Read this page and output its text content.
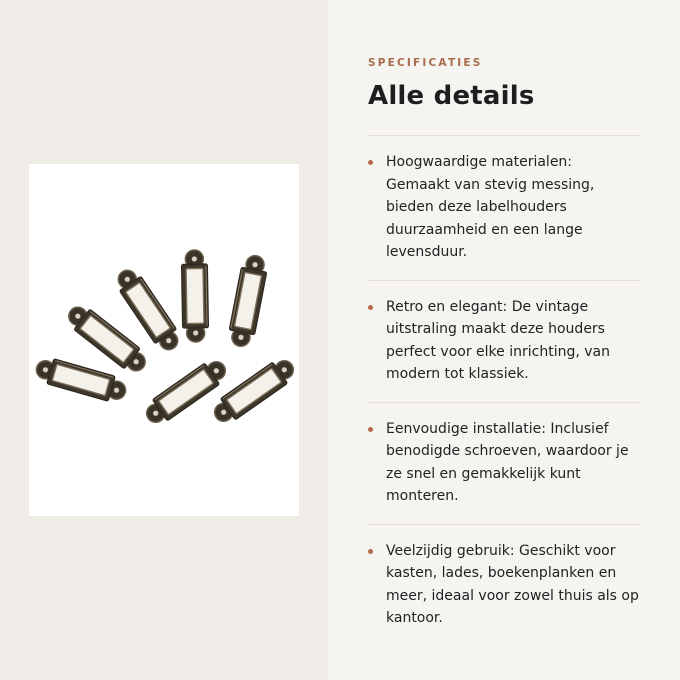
SPECIFICATIES
Alle details
Hoogwaardige materialen: Gemaakt van stevig messing, bieden deze labelhouders duurzaamheid en een lange levensduur.
Retro en elegant: De vintage uitstraling maakt deze houders perfect voor elke inrichting, van modern tot klassiek.
Eenvoudige installatie: Inclusief benodigde schroeven, waardoor je ze snel en gemakkelijk kunt monteren.
Veelzijdig gebruik: Geschikt voor kasten, lades, boekenplanken en meer, ideaal voor zowel thuis als op kantoor.
